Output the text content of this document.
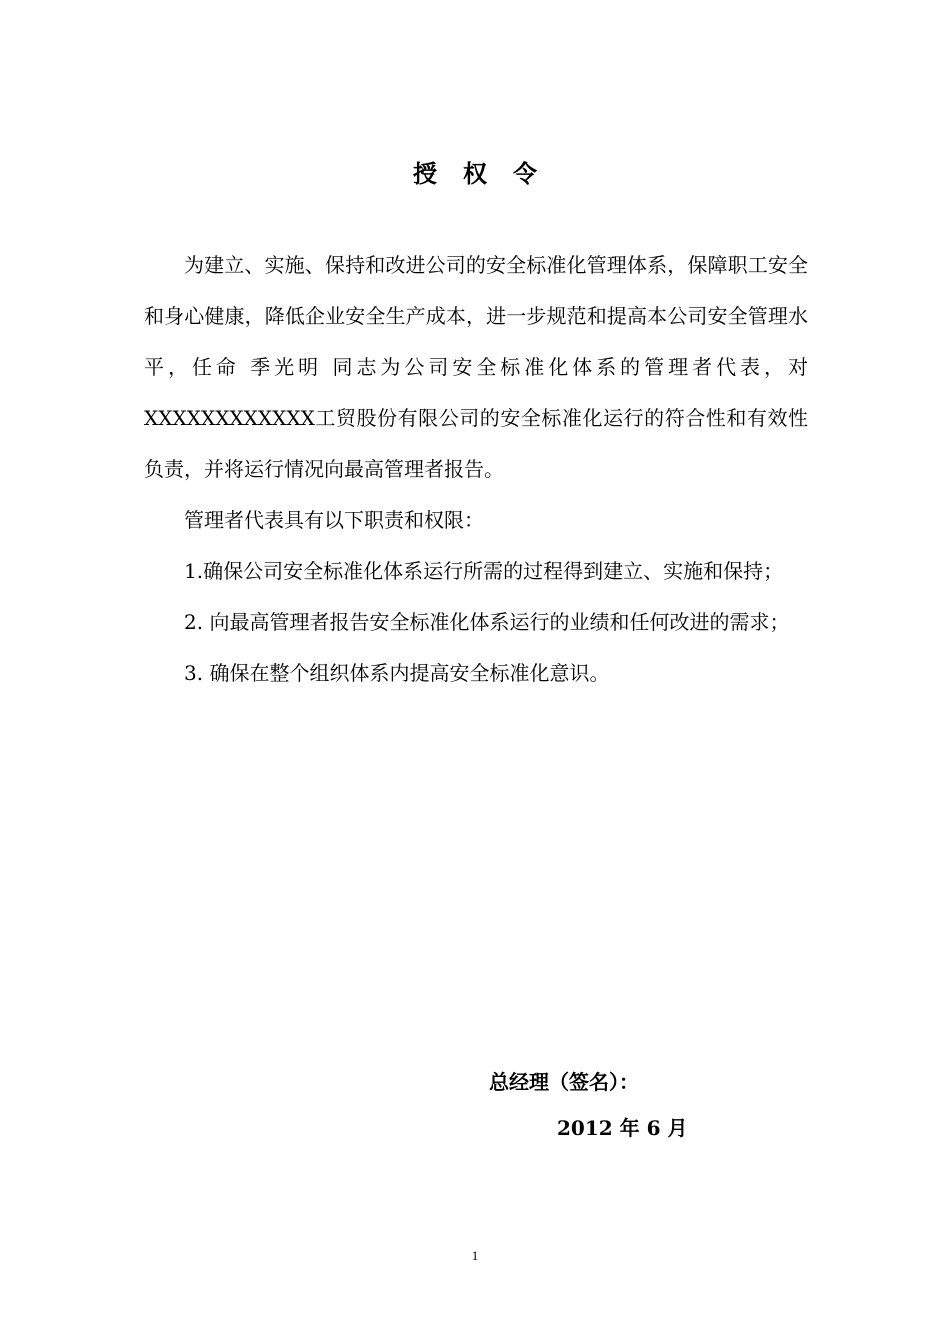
授权令

为建立、实施、保持和改进公司的安全标准化管理体系，保障职工安全和身心健康，降低企业安全生产成本，进一步规范和提高本公司安全管理水平，任命 季光明 同志为公司安全标准化体系的管理者代表，对XXXXXXXXXXXX工贸股份有限公司的安全标准化运行的符合性和有效性负责，并将运行情况向最高管理者报告。

管理者代表具有以下职责和权限：

1.确保公司安全标准化体系运行所需的过程得到建立、实施和保持；

2. 向最高管理者报告安全标准化体系运行的业绩和任何改进的需求；

3. 确保在整个组织体系内提高安全标准化意识。

总经理（签名）：
2012 年 6 月
1
